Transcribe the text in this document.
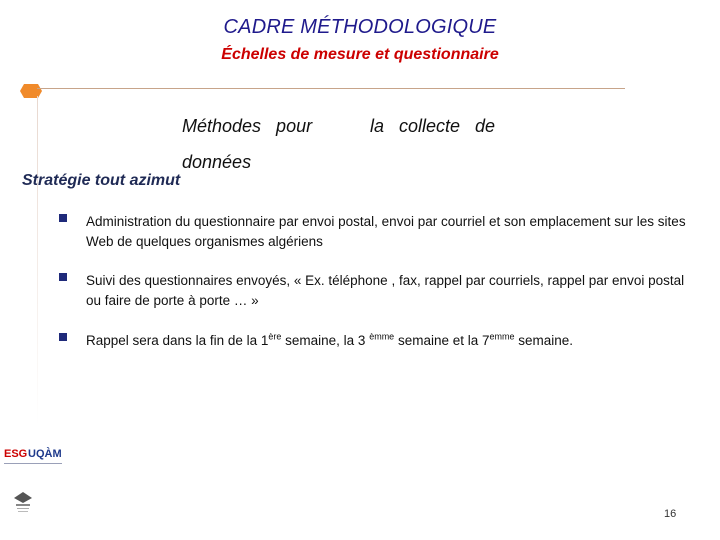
CADRE MÉTHODOLOGIQUE
Échelles de mesure et questionnaire
Méthodes   pour	la   collecte   de
données
Stratégie tout azimut
Administration du questionnaire par envoi postal, envoi par courriel et son emplacement sur les sites Web de quelques organismes algériens
Suivi des questionnaires envoyés, « Ex. téléphone , fax, rappel par courriels, rappel par envoi postal ou faire de porte à porte … »
Rappel sera dans la fin de la 1ère semaine, la 3 $^{èmme}$ semaine et la $7^{emme}$ semaine.
ESG UQÀM
16
